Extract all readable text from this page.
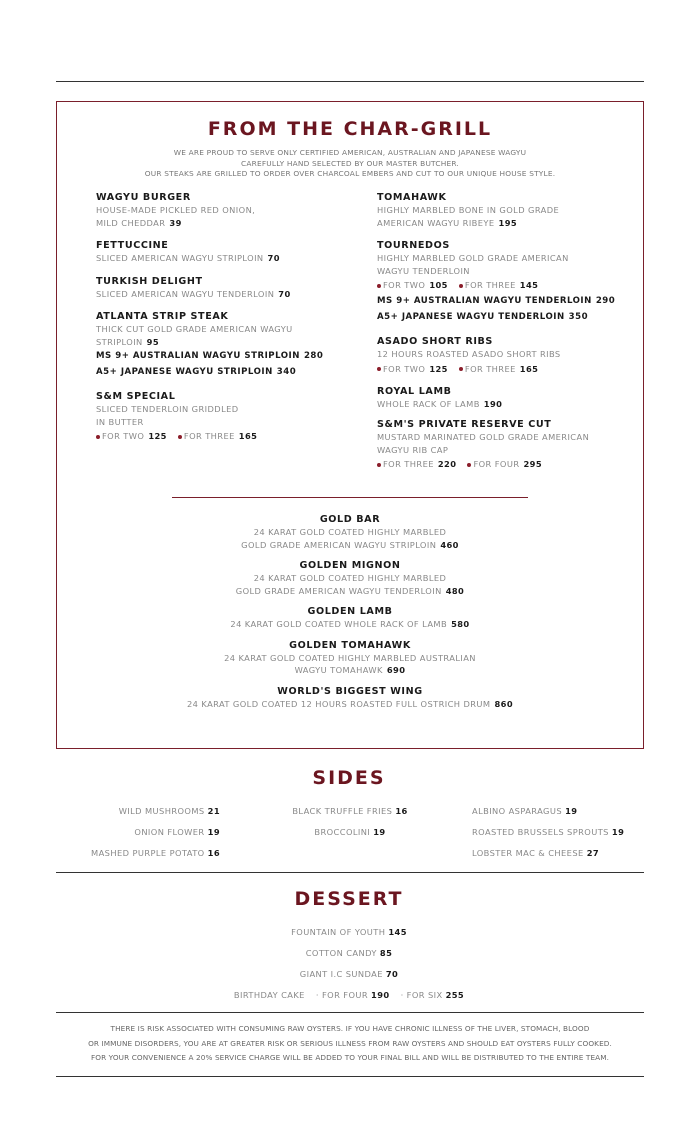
FROM THE CHAR-GRILL
WE ARE PROUD TO SERVE ONLY CERTIFIED AMERICAN, AUSTRALIAN AND JAPANESE WAGYU
CAREFULLY HAND SELECTED BY OUR MASTER BUTCHER.
OUR STEAKS ARE GRILLED TO ORDER OVER CHARCOAL EMBERS AND CUT TO OUR UNIQUE HOUSE STYLE.
WAGYU BURGER
HOUSE-MADE PICKLED RED ONION,
MILD CHEDDAR 39
FETTUCCINE
SLICED AMERICAN WAGYU STRIPLOIN 70
TURKISH DELIGHT
SLICED AMERICAN WAGYU TENDERLOIN 70
ATLANTA STRIP STEAK
THICK CUT GOLD GRADE AMERICAN WAGYU
STRIPLOIN 95
MS 9+ AUSTRALIAN WAGYU STRIPLOIN 280
A5+ JAPANESE WAGYU STRIPLOIN 340
S&M SPECIAL
SLICED TENDERLOIN GRIDDLED
IN BUTTER
FOR TWO 125 FOR THREE 165
TOMAHAWK
HIGHLY MARBLED BONE IN GOLD GRADE
AMERICAN WAGYU RIBEYE 195
TOURNEDOS
HIGHLY MARBLED GOLD GRADE AMERICAN
WAGYU TENDERLOIN
FOR TWO 105 FOR THREE 145
MS 9+ AUSTRALIAN WAGYU TENDERLOIN 290
A5+ JAPANESE WAGYU TENDERLOIN 350
ASADO SHORT RIBS
12 HOURS ROASTED ASADO SHORT RIBS
FOR TWO 125 FOR THREE 165
ROYAL LAMB
WHOLE RACK OF LAMB 190
S&M'S PRIVATE RESERVE CUT
MUSTARD MARINATED GOLD GRADE AMERICAN
WAGYU RIB CAP
FOR THREE 220 FOR FOUR 295
GOLD BAR
24 KARAT GOLD COATED HIGHLY MARBLED
GOLD GRADE AMERICAN WAGYU STRIPLOIN 460
GOLDEN MIGNON
24 KARAT GOLD COATED HIGHLY MARBLED
GOLD GRADE AMERICAN WAGYU TENDERLOIN 480
GOLDEN LAMB
24 KARAT GOLD COATED WHOLE RACK OF LAMB 580
GOLDEN TOMAHAWK
24 KARAT GOLD COATED HIGHLY MARBLED AUSTRALIAN
WAGYU TOMAHAWK 690
WORLD'S BIGGEST WING
24 KARAT GOLD COATED 12 HOURS ROASTED FULL OSTRICH DRUM 860
SIDES
WILD MUSHROOMS 21
ONION FLOWER 19
MASHED PURPLE POTATO 16
BLACK TRUFFLE FRIES 16
BROCCOLINI 19
ALBINO ASPARAGUS 19
ROASTED BRUSSELS SPROUTS 19
LOBSTER MAC & CHEESE 27
DESSERT
FOUNTAIN OF YOUTH 145
COTTON CANDY 85
GIANT I.C SUNDAE 70
BIRTHDAY CAKE · FOR FOUR 190 · FOR SIX 255
THERE IS RISK ASSOCIATED WITH CONSUMING RAW OYSTERS. IF YOU HAVE CHRONIC ILLNESS OF THE LIVER, STOMACH, BLOOD
OR IMMUNE DISORDERS, YOU ARE AT GREATER RISK OR SERIOUS ILLNESS FROM RAW OYSTERS AND SHOULD EAT OYSTERS FULLY COOKED.
FOR YOUR CONVENIENCE A 20% SERVICE CHARGE WILL BE ADDED TO YOUR FINAL BILL AND WILL BE DISTRIBUTED TO THE ENTIRE TEAM.
